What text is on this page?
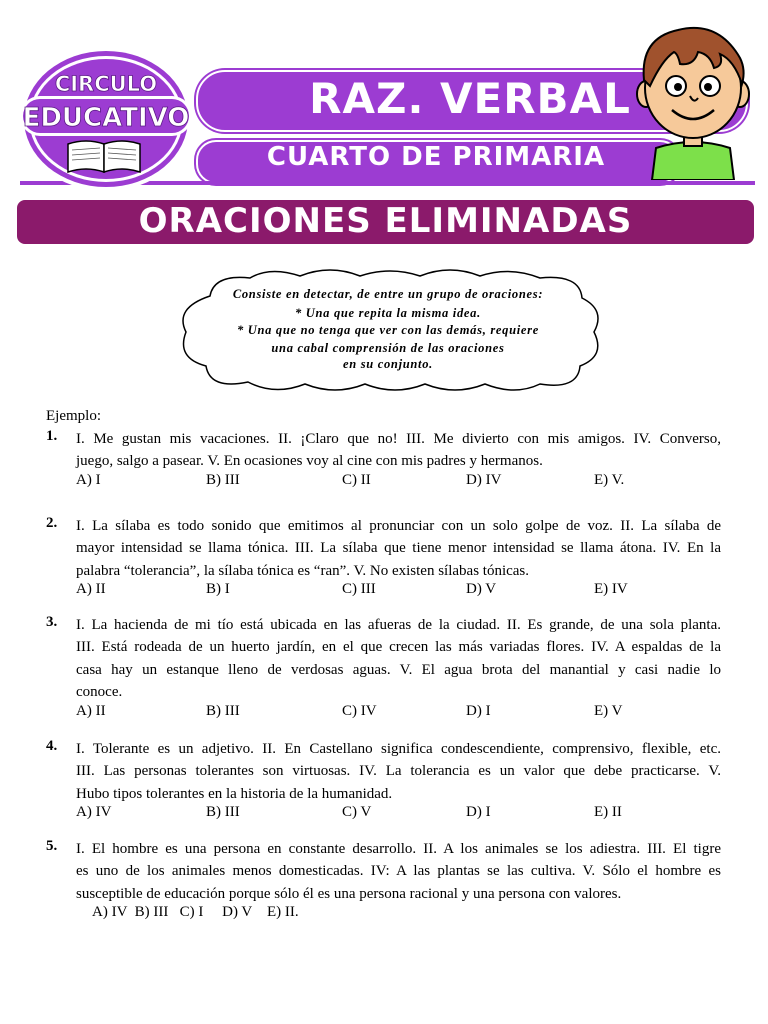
RAZ. VERBAL
CUARTO DE PRIMARIA
CIRCULO
EDUCATIVO
ORACIONES ELIMINADAS
Consiste en detectar, de entre un grupo de oraciones:
* Una que repita la misma idea.
* Una que no tenga que ver con las demás, requiere
una cabal comprensión de las oraciones
en su conjunto.
Ejemplo:
1. I. Me gustan mis vacaciones. II. ¡Claro que no! III. Me divierto con mis amigos. IV. Converso,

juego, salgo a pasear. V. En ocasiones voy al cine con mis padres y hermanos.

A) I	B) III	C) II	D) IV	E) V.
2. I. La sílaba es todo sonido que emitimos al pronunciar con un solo golpe de voz. II. La sílaba de

mayor intensidad se llama tónica. III. La sílaba que tiene menor intensidad se llama átona. IV. En la

palabra “tolerancia”, la sílaba tónica es “ran”. V. No existen sílabas tónicas.

A) II	B) I	C) III	D) V	E) IV
3. I. La hacienda de mi tío está ubicada en las afueras de la ciudad. II. Es grande, de una sola planta.

III. Está rodeada de un huerto jardín, en el que crecen las más variadas flores. IV. A espaldas de la

casa hay un estanque lleno de verdosas aguas. V. El agua brota del manantial y casi nadie lo

conoce.

A) II	B) III	C) IV	D) I	E) V
4. I. Tolerante es un adjetivo. II. En Castellano significa condescendiente, comprensivo, flexible, etc.

III. Las personas tolerantes son virtuosas. IV. La tolerancia es un valor que debe practicarse. V.

Hubo tipos tolerantes en la historia de la humanidad.

A) IV	B) III	C) V	D) I	E) II
5. I. El hombre es una persona en constante desarrollo. II. A los animales se los adiestra. III. El tigre

es uno de los animales menos domesticadas. IV: A las plantas se las cultiva. V. Sólo el hombre es

susceptible de educación porque sólo él es una persona racional y una persona con valores.

A) IV  B) III   C) I     D) V    E) II.
